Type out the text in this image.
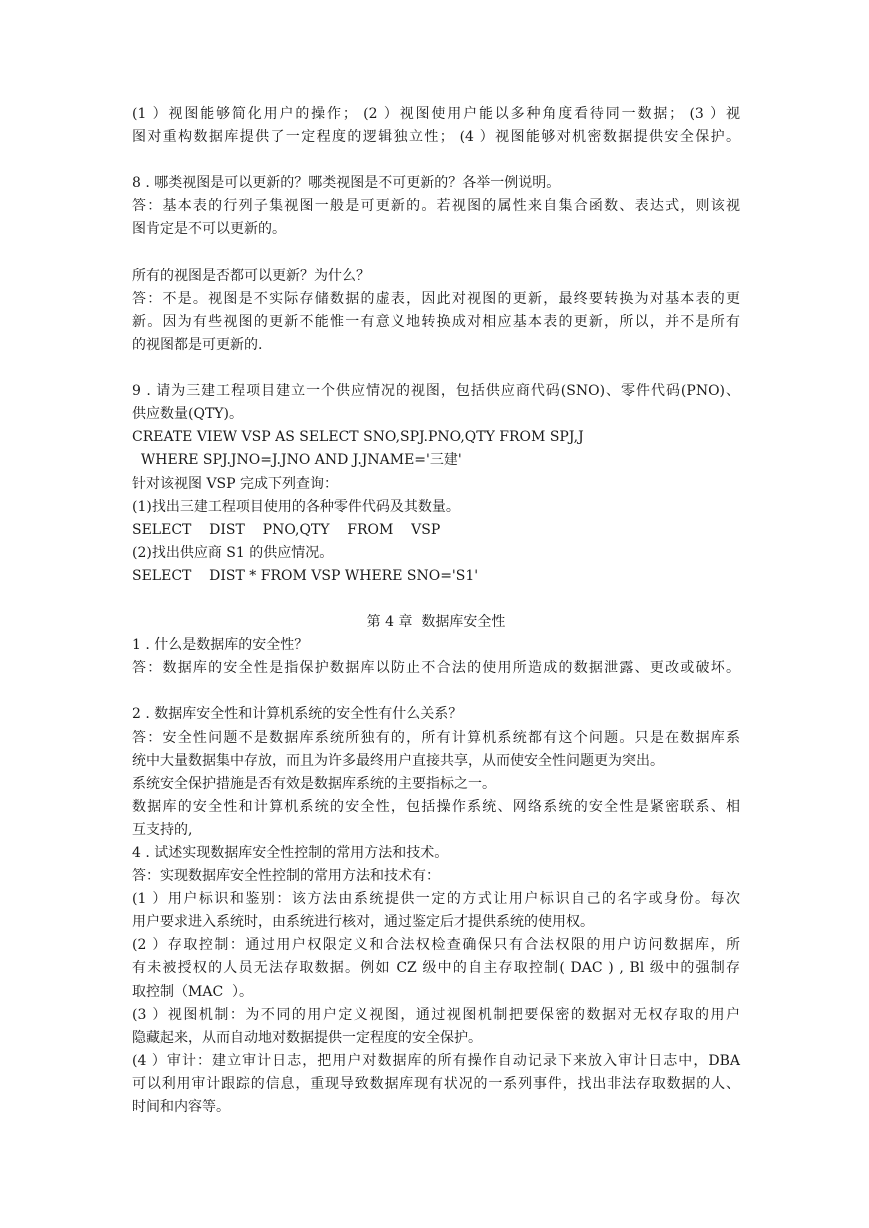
(1 ）视图能够简化用户的操作； (2 ）视图使用户能以多种角度看待同一数据； (3 ）视
图对重构数据库提供了一定程度的逻辑独立性； (4 ）视图能够对机密数据提供安全保护。
8 . 哪类视图是可以更新的？哪类视图是不可更新的？各举一例说明。
答：基本表的行列子集视图一般是可更新的。若视图的属性来自集合函数、表达式，则该视
图肯定是不可以更新的。
所有的视图是否都可以更新？为什么？
答：不是。视图是不实际存储数据的虚表，因此对视图的更新，最终要转换为对基本表的更
新。因为有些视图的更新不能惟一有意义地转换成对相应基本表的更新，所以，并不是所有
的视图都是可更新的.
9 . 请为三建工程项目建立一个供应情况的视图，包括供应商代码(SNO)、零件代码(PNO)、
供应数量(QTY)。
CREATE VIEW VSP AS SELECT SNO,SPJ.PNO,QTY FROM SPJ,J
WHERE SPJ.JNO=J.JNO AND J.JNAME='三建'
针对该视图 VSP 完成下列查询：
(1)找出三建工程项目使用的各种零件代码及其数量。
SELECT    DIST    PNO,QTY    FROM    VSP
(2)找出供应商 S1 的供应情况。
SELECT    DIST * FROM VSP WHERE SNO='S1'
第 4 章  数据库安全性
1 . 什么是数据库的安全性？
答：数据库的安全性是指保护数据库以防止不合法的使用所造成的数据泄露、更改或破坏。
2 . 数据库安全性和计算机系统的安全性有什么关系？
答：安全性问题不是数据库系统所独有的，所有计算机系统都有这个问题。只是在数据库系
统中大量数据集中存放，而且为许多最终用户直接共享，从而使安全性问题更为突出。
系统安全保护措施是否有效是数据库系统的主要指标之一。
数据库的安全性和计算机系统的安全性，包括操作系统、网络系统的安全性是紧密联系、相
互支持的,
4 . 试述实现数据库安全性控制的常用方法和技术。
答：实现数据库安全性控制的常用方法和技术有：
(1 ）用户标识和鉴别：该方法由系统提供一定的方式让用户标识自己的名字或身份。每次
用户要求进入系统时，由系统进行核对，通过鉴定后才提供系统的使用权。
(2 ）存取控制：通过用户权限定义和合法权检查确保只有合法权限的用户访问数据库，所
有未被授权的人员无法存取数据。例如 CZ 级中的自主存取控制( DAC ) , Bl 级中的强制存
取控制（MAC  ）。
(3 ）视图机制：为不同的用户定义视图，通过视图机制把要保密的数据对无权存取的用户
隐藏起来，从而自动地对数据提供一定程度的安全保护。
(4 ）审计：建立审计日志，把用户对数据库的所有操作自动记录下来放入审计日志中，DBA
可以利用审计跟踪的信息，重现导致数据库现有状况的一系列事件，找出非法存取数据的人、
时间和内容等。
